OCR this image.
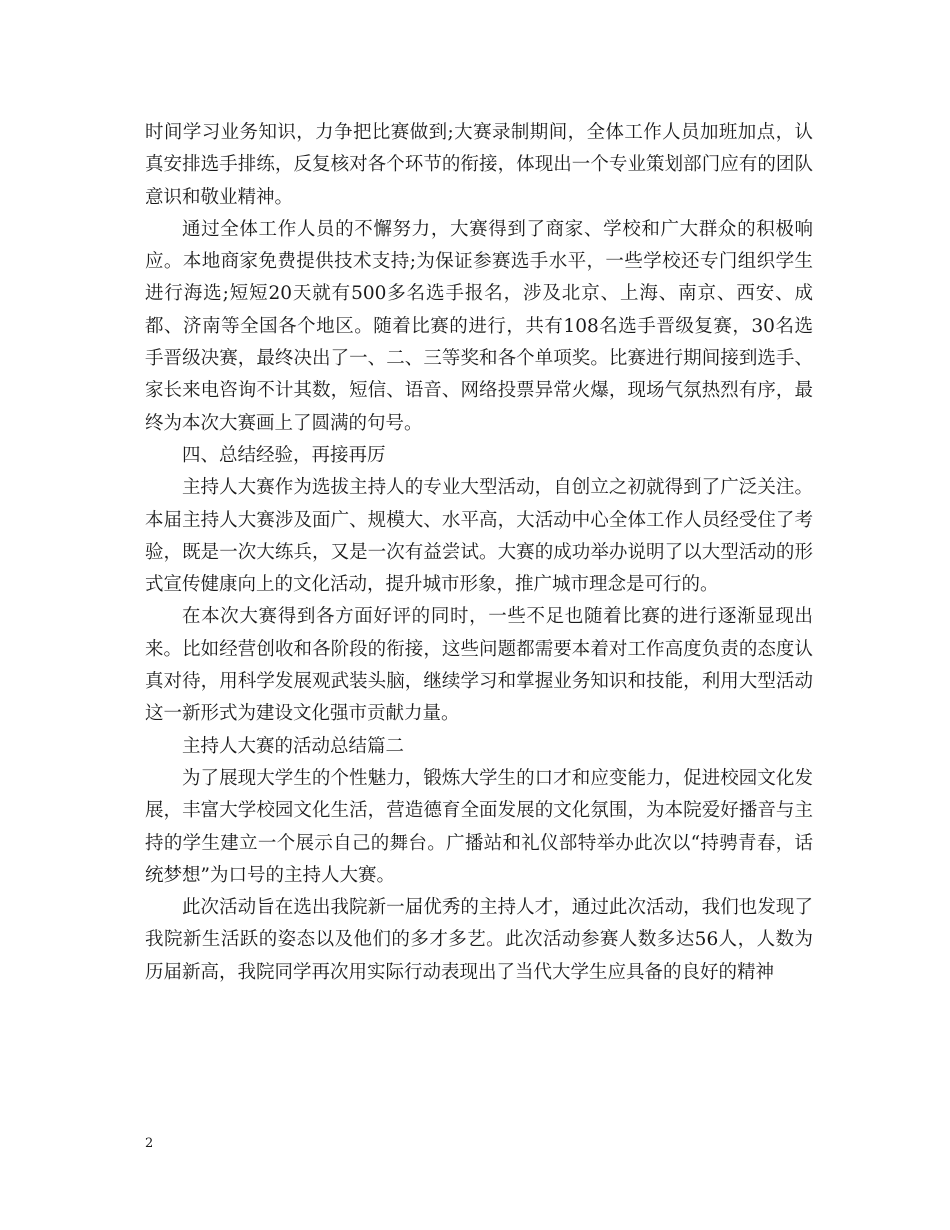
时间学习业务知识，力争把比赛做到;大赛录制期间，全体工作人员加班加点，认真安排选手排练，反复核对各个环节的衔接，体现出一个专业策划部门应有的团队意识和敬业精神。

通过全体工作人员的不懈努力，大赛得到了商家、学校和广大群众的积极响应。本地商家免费提供技术支持;为保证参赛选手水平，一些学校还专门组织学生进行海选;短短20天就有500多名选手报名，涉及北京、上海、南京、西安、成都、济南等全国各个地区。随着比赛的进行，共有108名选手晋级复赛，30名选手晋级决赛，最终决出了一、二、三等奖和各个单项奖。比赛进行期间接到选手、家长来电咨询不计其数，短信、语音、网络投票异常火爆，现场气氛热烈有序，最终为本次大赛画上了圆满的句号。

四、总结经验，再接再厉

主持人大赛作为选拔主持人的专业大型活动，自创立之初就得到了广泛关注。本届主持人大赛涉及面广、规模大、水平高，大活动中心全体工作人员经受住了考验，既是一次大练兵，又是一次有益尝试。大赛的成功举办说明了以大型活动的形式宣传健康向上的文化活动，提升城市形象，推广城市理念是可行的。

在本次大赛得到各方面好评的同时，一些不足也随着比赛的进行逐渐显现出来。比如经营创收和各阶段的衔接，这些问题都需要本着对工作高度负责的态度认真对待，用科学发展观武装头脑，继续学习和掌握业务知识和技能，利用大型活动这一新形式为建设文化强市贡献力量。

主持人大赛的活动总结篇二

为了展现大学生的个性魅力，锻炼大学生的口才和应变能力，促进校园文化发展，丰富大学校园文化生活，营造德育全面发展的文化氛围，为本院爱好播音与主持的学生建立一个展示自己的舞台。广播站和礼仪部特举办此次以“持骋青春，话统梦想”为口号的主持人大赛。

此次活动旨在选出我院新一届优秀的主持人才，通过此次活动，我们也发现了我院新生活跃的姿态以及他们的多才多艺。此次活动参赛人数多达56人，人数为历届新高，我院同学再次用实际行动表现出了当代大学生应具备的良好的精神

2
